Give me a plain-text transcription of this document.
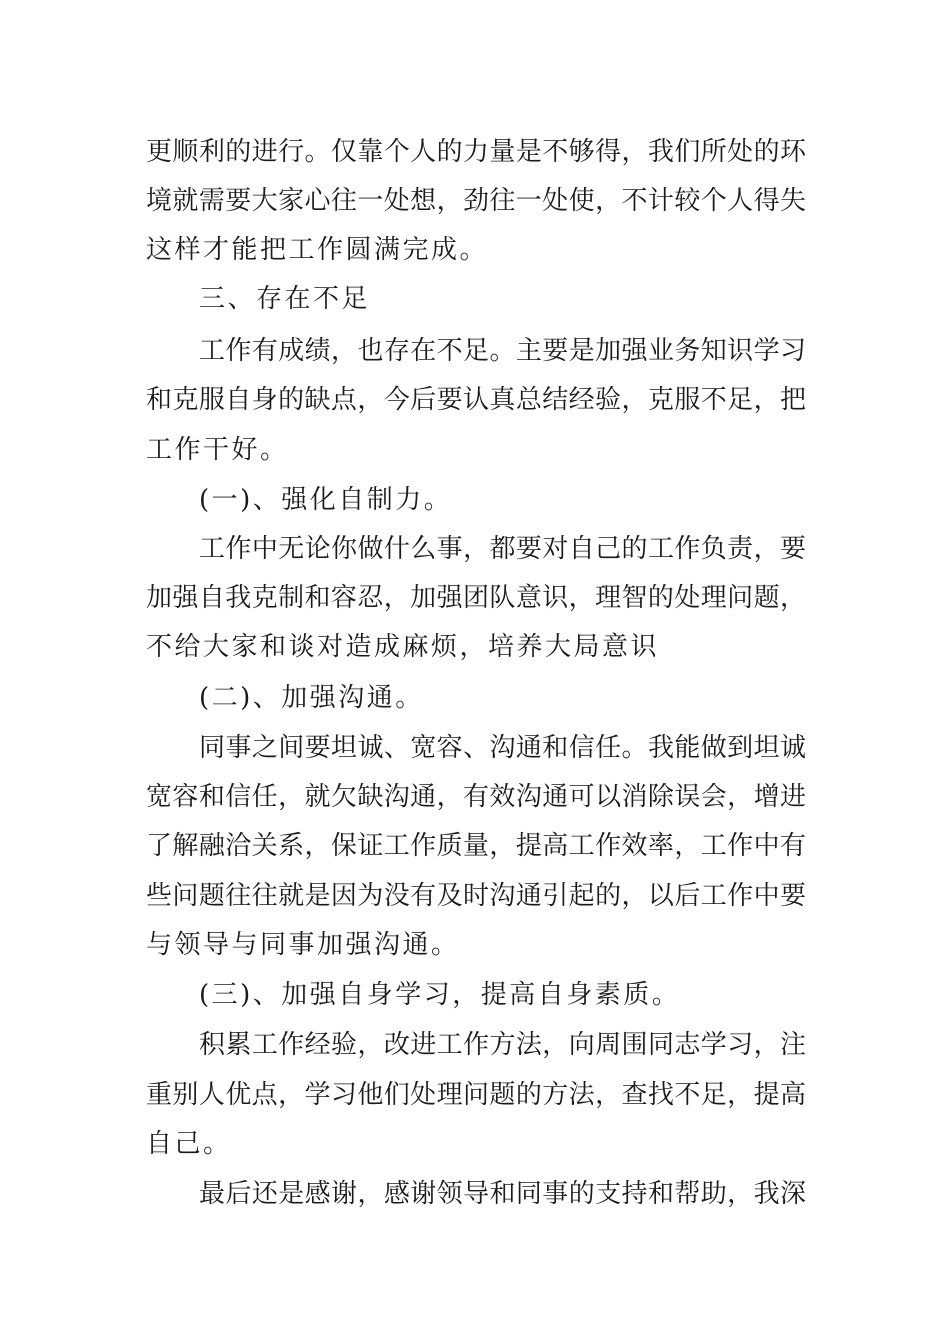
更顺利的进行。仅靠个人的力量是不够得，我们所处的环
境就需要大家心往一处想，劲往一处使，不计较个人得失
这样才能把工作圆满完成。
三、存在不足
工作有成绩，也存在不足。主要是加强业务知识学习
和克服自身的缺点，今后要认真总结经验，克服不足，把
工作干好。
(一)、强化自制力。
工作中无论你做什么事，都要对自己的工作负责，要
加强自我克制和容忍，加强团队意识，理智的处理问题，
不给大家和谈对造成麻烦，培养大局意识
(二)、加强沟通。
同事之间要坦诚、宽容、沟通和信任。我能做到坦诚
宽容和信任，就欠缺沟通，有效沟通可以消除误会，增进
了解融洽关系，保证工作质量，提高工作效率，工作中有
些问题往往就是因为没有及时沟通引起的，以后工作中要
与领导与同事加强沟通。
(三)、加强自身学习，提高自身素质。
积累工作经验，改进工作方法，向周围同志学习，注
重别人优点，学习他们处理问题的方法，查找不足，提高
自己。
最后还是感谢，感谢领导和同事的支持和帮助，我深
